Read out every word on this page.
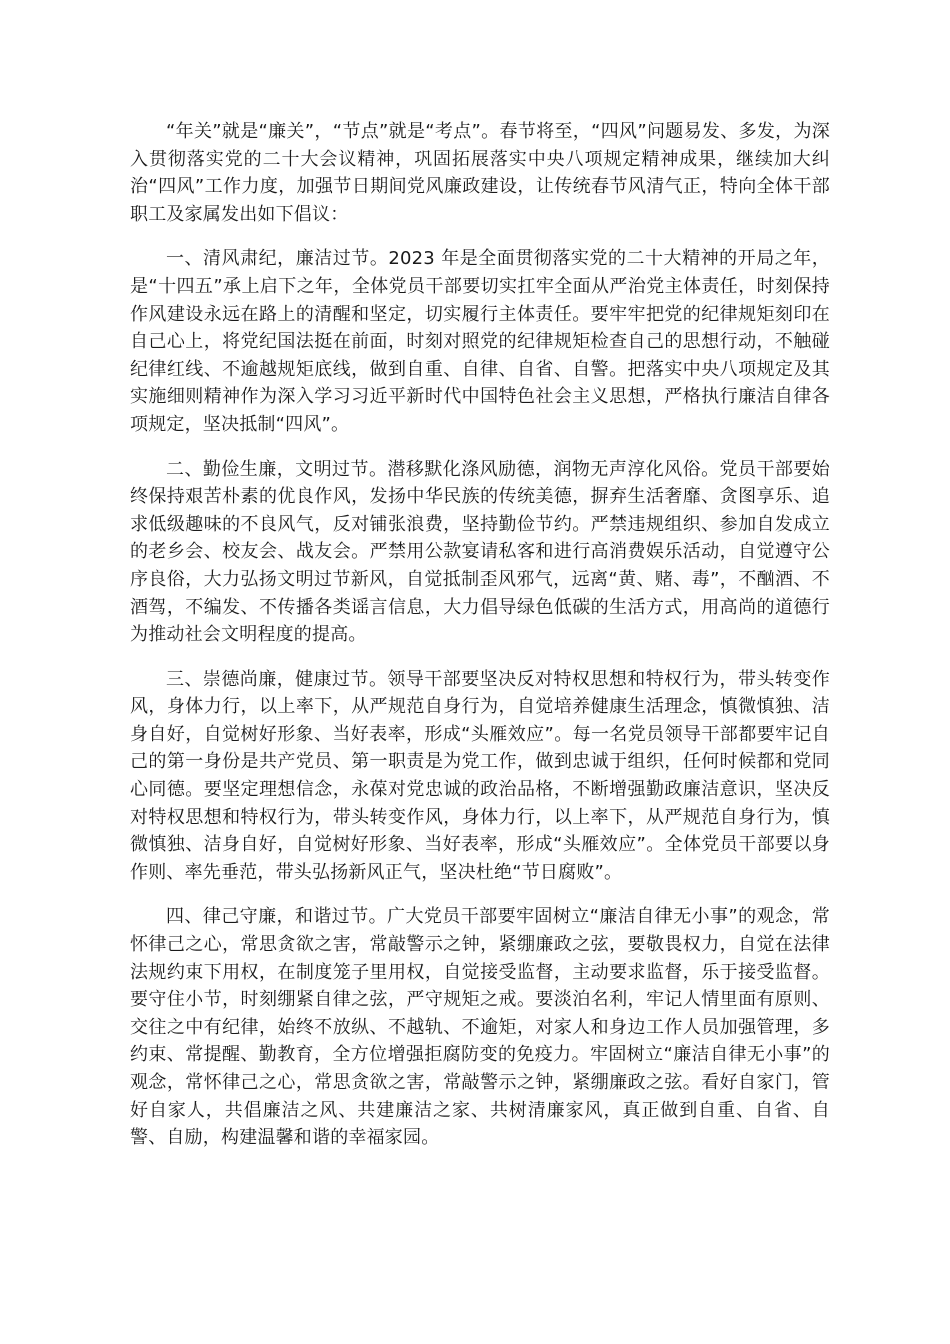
“年关”就是“廉关”，“节点”就是“考点”。春节将至，“四风”问题易发、多发，为深入贯彻落实党的二十大会议精神，巩固拓展落实中央八项规定精神成果，继续加大纠治“四风”工作力度，加强节日期间党风廉政建设，让传统春节风清气正，特向全体干部职工及家属发出如下倡议：

一、清风肃纪，廉洁过节。2023 年是全面贯彻落实党的二十大精神的开局之年，是“十四五”承上启下之年，全体党员干部要切实扛牢全面从严治党主体责任，时刻保持作风建设永远在路上的清醒和坚定，切实履行主体责任。要牢牢把党的纪律规矩刻印在自己心上，将党纪国法挺在前面，时刻对照党的纪律规矩检查自己的思想行动，不触碰纪律红线、不逾越规矩底线，做到自重、自律、自省、自警。把落实中央八项规定及其实施细则精神作为深入学习习近平新时代中国特色社会主义思想，严格执行廉洁自律各项规定，坚决抵制“四风”。

二、勤俭生廉，文明过节。潜移默化涤风励德，润物无声淳化风俗。党员干部要始终保持艰苦朴素的优良作风，发扬中华民族的传统美德，摒弃生活奢靡、贪图享乐、追求低级趣味的不良风气，反对铺张浪费，坚持勤俭节约。严禁违规组织、参加自发成立的老乡会、校友会、战友会。严禁用公款宴请私客和进行高消费娱乐活动，自觉遵守公序良俗，大力弘扬文明过节新风，自觉抵制歪风邪气，远离“黄、赌、毒”，不酗酒、不酒驾，不编发、不传播各类谣言信息，大力倡导绿色低碳的生活方式，用高尚的道德行为推动社会文明程度的提高。

三、崇德尚廉，健康过节。领导干部要坚决反对特权思想和特权行为，带头转变作风，身体力行，以上率下，从严规范自身行为，自觉培养健康生活理念，慎微慎独、洁身自好，自觉树好形象、当好表率，形成“头雁效应”。每一名党员领导干部都要牢记自己的第一身份是共产党员、第一职责是为党工作，做到忠诚于组织，任何时候都和党同心同德。要坚定理想信念，永葆对党忠诚的政治品格，不断增强勤政廉洁意识，坚决反对特权思想和特权行为，带头转变作风，身体力行，以上率下，从严规范自身行为，慎微慎独、洁身自好，自觉树好形象、当好表率，形成“头雁效应”。全体党员干部要以身作则、率先垂范，带头弘扬新风正气，坚决杜绝“节日腐败”。

四、律己守廉，和谐过节。广大党员干部要牢固树立“廉洁自律无小事”的观念，常怀律己之心，常思贪欲之害，常敲警示之钟，紧绷廉政之弦，要敬畏权力，自觉在法律法规约束下用权，在制度笼子里用权，自觉接受监督，主动要求监督，乐于接受监督。要守住小节，时刻绷紧自律之弦，严守规矩之戒。要淡泊名利，牢记人情里面有原则、交往之中有纪律，始终不放纵、不越轨、不逾矩，对家人和身边工作人员加强管理，多约束、常提醒、勤教育，全方位增强拒腐防变的免疫力。牢固树立“廉洁自律无小事”的观念，常怀律己之心，常思贪欲之害，常敲警示之钟，紧绷廉政之弦。看好自家门，管好自家人，共倡廉洁之风、共建廉洁之家、共树清廉家风，真正做到自重、自省、自警、自励，构建温馨和谐的幸福家园。
